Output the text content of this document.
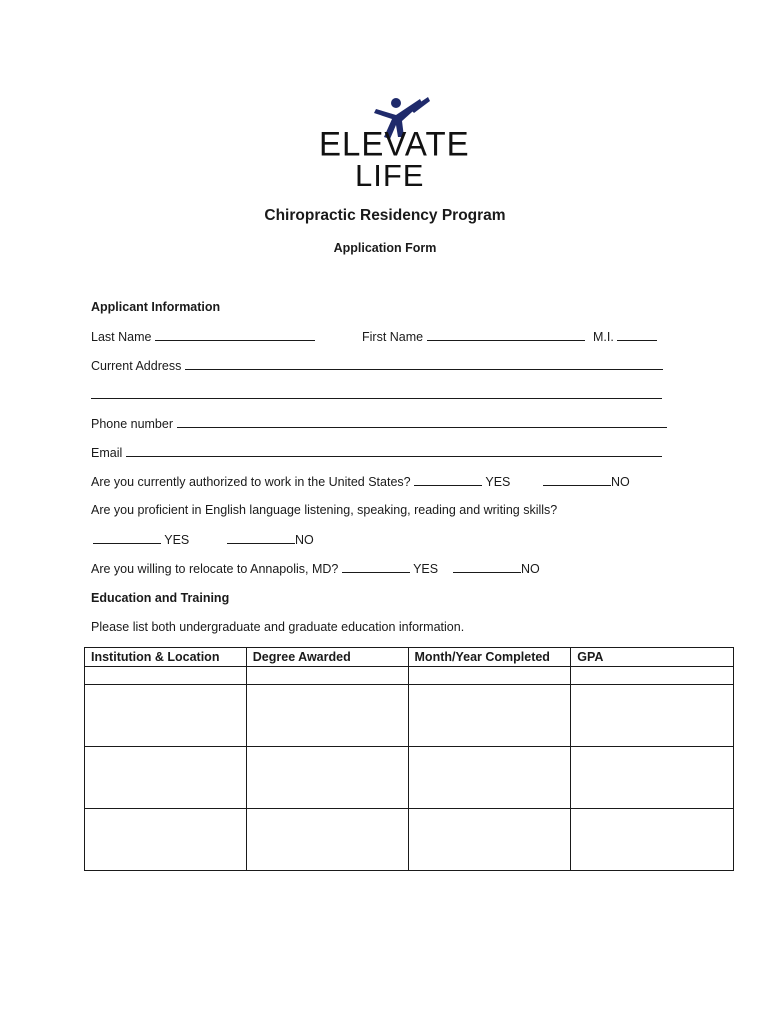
ELEVATE
LIFE
Chiropractic Residency Program
Application Form
Applicant Information
Last Name	First Name	M.I.
Current Address
Phone number
Email
Are you currently authorized to work in the United States?	YES	NO
Are you proficient in English language listening, speaking, reading and writing skills?
YES	NO
Are you willing to relocate to Annapolis, MD?	YES	NO
Education and Training
Please list both undergraduate and graduate education information.
Institution & Location	Degree Awarded	Month/Year Completed	GPA
